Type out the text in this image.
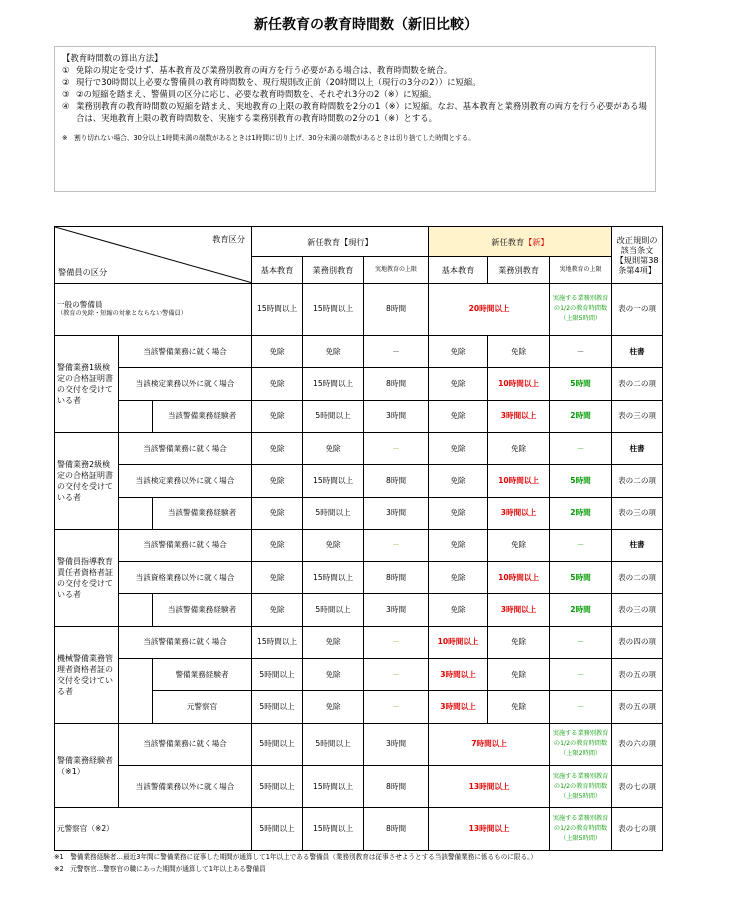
新任教育の教育時間数（新旧比較）
【教育時間数の算出方法】
① 免除の規定を受けず、基本教育及び業務別教育の両方を行う必要がある場合は、教育時間数を統合。
② 現行で30時間以上必要な警備員の教育時間数を、現行規則改正前（20時間以上（現行の3分の2））に短縮。
③ ②の短縮を踏まえ、警備員の区分に応じ、必要な教育時間数を、それぞれ3分の2（※）に短縮。
④ 業務別教育の教育時間数の短縮を踏まえ、実地教育の上限の教育時間数を2分の1（※）に短縮。なお、基本教育と業務別教育の両方を行う必要がある場合は、実地教育上限の教育時間数を、実施する業務別教育の教育時間数の2分の1（※）とする。
※　割り切れない場合、30分以上1時間未満の端数があるときは1時間に切り上げ、30分未満の端数があるときは切り捨てした時間とする。
教育区分
警備員の区分			新任教育【現行】			新任教育【新】			改正規則の該当条文【規則第38条第4項】
			基本教育	業務別教育	実地教育の上限	基本教育	業務別教育	実地教育の上限	

一般の警備員
（教育の免除・短縮の対象とならない警備員）			15時間以上	15時間以上	8時間	20時間以上		実施する業務別教育の1/2の教育時間数（上限5時間）	表の一の項
警備業務1級検定の合格証明書の交付を受けている者	当該警備業務に就く場合		免除	免除	－	免除	免除	－	柱書
	当該検定業務以外に就く場合		免除	15時間以上	8時間	免除	10時間以上	5時間	表の二の項
		当該警備業務経験者	免除	5時間以上	3時間	免除	3時間以上	2時間	表の三の項
警備業務2級検定の合格証明書の交付を受けている者	当該警備業務に就く場合		免除	免除	－	免除	免除	－	柱書
	当該検定業務以外に就く場合		免除	15時間以上	8時間	免除	10時間以上	5時間	表の二の項
		当該警備業務経験者	免除	5時間以上	3時間	免除	3時間以上	2時間	表の三の項
警備員指導教育責任者資格者証の交付を受けている者	当該警備業務に就く場合		免除	免除	－	免除	免除	－	柱書
	当該資格業務以外に就く場合		免除	15時間以上	8時間	免除	10時間以上	5時間	表の二の項
		当該警備業務経験者	免除	5時間以上	3時間	免除	3時間以上	2時間	表の三の項
機械警備業務管理者資格者証の交付を受けている者	当該警備業務に就く場合		15時間以上	免除	－	10時間以上	免除	－	表の四の項
		警備業務経験者	5時間以上	免除	－	3時間以上	免除	－	表の五の項
		元警察官	5時間以上	免除	－	3時間以上	免除	－	表の五の項
警備業務経験者（※1）	当該警備業務に就く場合		5時間以上	5時間以上	3時間	7時間以上		実施する業務別教育の1/2の教育時間数（上限2時間）	表の六の項
	当該警備業務以外に就く場合		5時間以上	15時間以上	8時間	13時間以上		実施する業務別教育の1/2の教育時間数（上限5時間）	表の七の項
元警察官（※2）			5時間以上	15時間以上	8時間	13時間以上		実施する業務別教育の1/2の教育時間数（上限5時間）	表の七の項
※1　警備業務経験者…最近3年間に警備業務に従事した期間が通算して1年以上である警備員（業務別教育は従事させようとする当該警備業務に係るものに限る。）
※2　元警察官…警察官の職にあった期間が通算して1年以上ある警備員
